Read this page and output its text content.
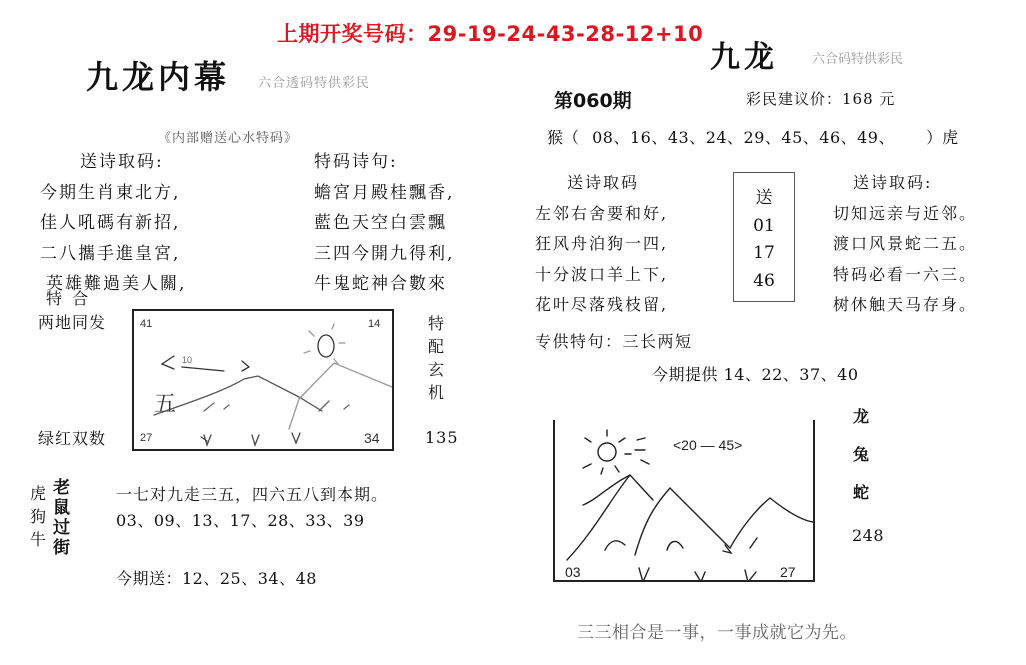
上期开奖号码：29-19-24-43-28-12+10
九龙内幕 六合透码特供彩民
《内部赠送心水特码》
送诗取码:
今期生肖東北方,
佳人吼碼有新招,
二八攜手進皇宮,
英雄難過美人關,
特码诗句:
蟾宮月殿桂飄香,
藍色天空白雲飄
三四今開九得利,
牛鬼蛇神合數來
特  合
两地同发
绿红双数
41	14
27	34
10
五
特
配
玄
机
135
虎
狗
牛
老
鼠
过
街
一七对九走三五，四六五八到本期。
03、09、13、17、28、33、39
今期送：12、25、34、48
九龙	六合码特供彩民
第060期	彩民建议价：168 元
猴（ 08、16、43、24、29、45、46、49、 ）虎
送诗取码
左邻右舍要和好,
狂风舟泊狗一四,
十分波口羊上下,
花叶尽落残枝留,
送
01
17
46
送诗取码:
切知远亲与近邻。
渡口风景蛇二五。
特码必看一六三。
树休触天马存身。
专供特句：三长两短
今期提供 14、22、37、40
<20 — 45>
03	27
龙
兔
蛇
248
三三相合是一事，一事成就它为先。
